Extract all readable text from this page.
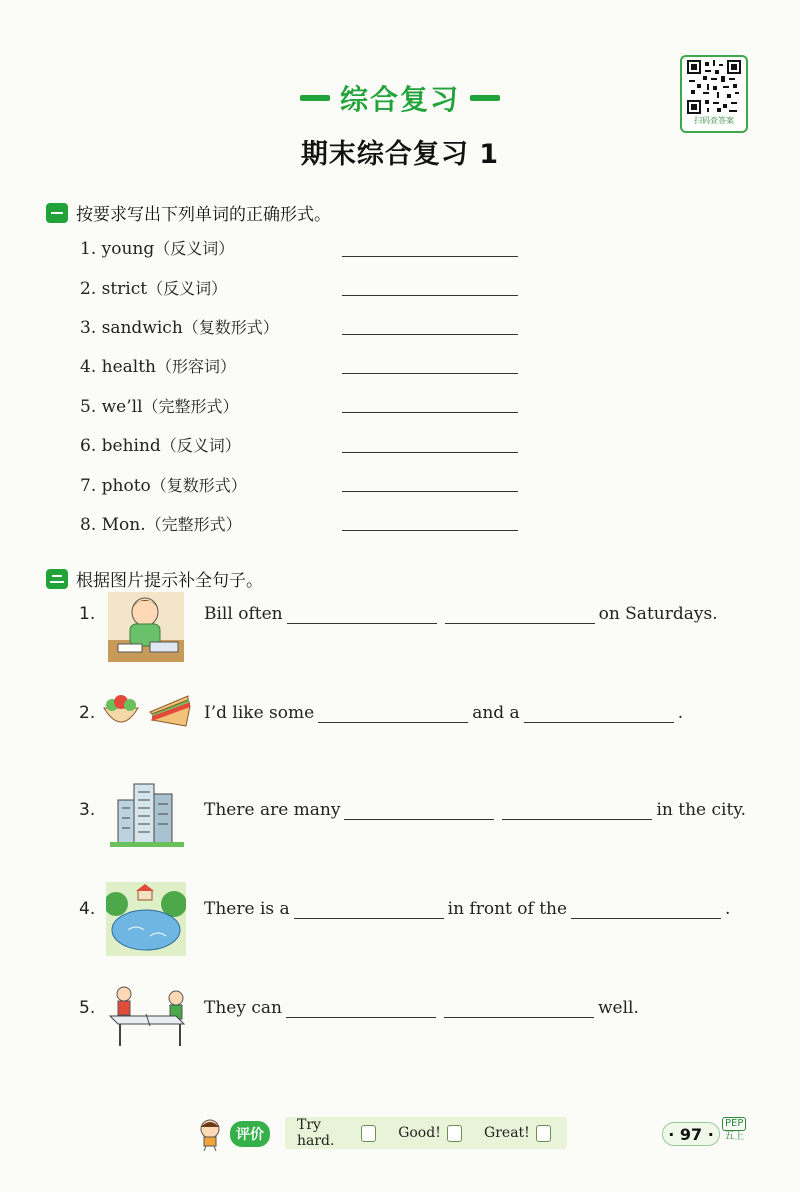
综合复习
期末综合复习 1
扫码查答案
按要求写出下列单词的正确形式。
1. young（反义词）
2. strict（反义词）
3. sandwich（复数形式）
4. health（形容词）
5. we’ll（完整形式）
6. behind（反义词）
7. photo（复数形式）
8. Mon.（完整形式）
根据图片提示补全句子。
1.	Bill often	on Saturdays.
2.	I’d like some	and a	.
3.	There are many	in the city.
4.	There is a	in front of the	.
5.	They can	well.
评价
Try hard.	Good!	Great!	· 97 ·
PEP
五上
